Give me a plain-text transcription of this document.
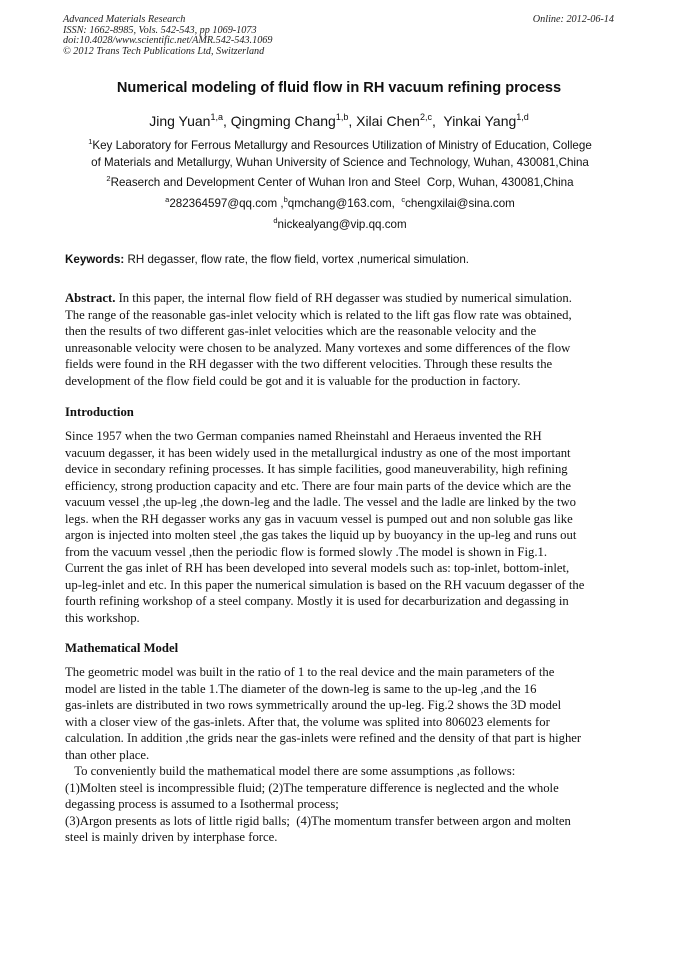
Advanced Materials Research
ISSN: 1662-8985, Vols. 542-543, pp 1069-1073
doi:10.4028/www.scientific.net/AMR.542-543.1069
© 2012 Trans Tech Publications Ltd, Switzerland
Online: 2012-06-14
Numerical modeling of fluid flow in RH vacuum refining process
Jing Yuan$^{1,a}$, Qingming Chang$^{1,b}$, Xilai Chen$^{2,c}$,  Yinkai Yang$^{1,d}$
$^1$Key Laboratory for Ferrous Metallurgy and Resources Utilization of Ministry of Education, College
of Materials and Metallurgy, Wuhan University of Science and Technology, Wuhan, 430081,China
$^2$Reaserch and Development Center of Wuhan Iron and Steel  Corp, Wuhan, 430081,China
$^a$282364597@qq.com ,$^b$qmchang@163.com,  $^c$chengxilai@sina.com
$^d$nickealyang@vip.qq.com
Keywords: RH degasser, flow rate, the flow field, vortex ,numerical simulation.
Abstract. In this paper, the internal flow field of RH degasser was studied by numerical simulation.
The range of the reasonable gas-inlet velocity which is related to the lift gas flow rate was obtained,
then the results of two different gas-inlet velocities which are the reasonable velocity and the
unreasonable velocity were chosen to be analyzed. Many vortexes and some differences of the flow
fields were found in the RH degasser with the two different velocities. Through these results the
development of the flow field could be got and it is valuable for the production in factory.
Introduction
Since 1957 when the two German companies named Rheinstahl and Heraeus invented the RH
vacuum degasser, it has been widely used in the metallurgical industry as one of the most important
device in secondary refining processes. It has simple facilities, good maneuverability, high refining
efficiency, strong production capacity and etc. There are four main parts of the device which are the
vacuum vessel ,the up-leg ,the down-leg and the ladle. The vessel and the ladle are linked by the two
legs. when the RH degasser works any gas in vacuum vessel is pumped out and non soluble gas like
argon is injected into molten steel ,the gas takes the liquid up by buoyancy in the up-leg and runs out
from the vacuum vessel ,then the periodic flow is formed slowly .The model is shown in Fig.1.
Current the gas inlet of RH has been developed into several models such as: top-inlet, bottom-inlet,
up-leg-inlet and etc. In this paper the numerical simulation is based on the RH vacuum degasser of the
fourth refining workshop of a steel company. Mostly it is used for decarburization and degassing in
this workshop.
Mathematical Model
The geometric model was built in the ratio of 1 to the real device and the main parameters of the
model are listed in the table 1.The diameter of the down-leg is same to the up-leg ,and the 16
gas-inlets are distributed in two rows symmetrically around the up-leg. Fig.2 shows the 3D model
with a closer view of the gas-inlets. After that, the volume was splited into 806023 elements for
calculation. In addition ,the grids near the gas-inlets were refined and the density of that part is higher
than other place.
To conveniently build the mathematical model there are some assumptions ,as follows:
(1)Molten steel is incompressible fluid; (2)The temperature difference is neglected and the whole
degassing process is assumed to a Isothermal process;
(3)Argon presents as lots of little rigid balls;  (4)The momentum transfer between argon and molten
steel is mainly driven by interphase force.
